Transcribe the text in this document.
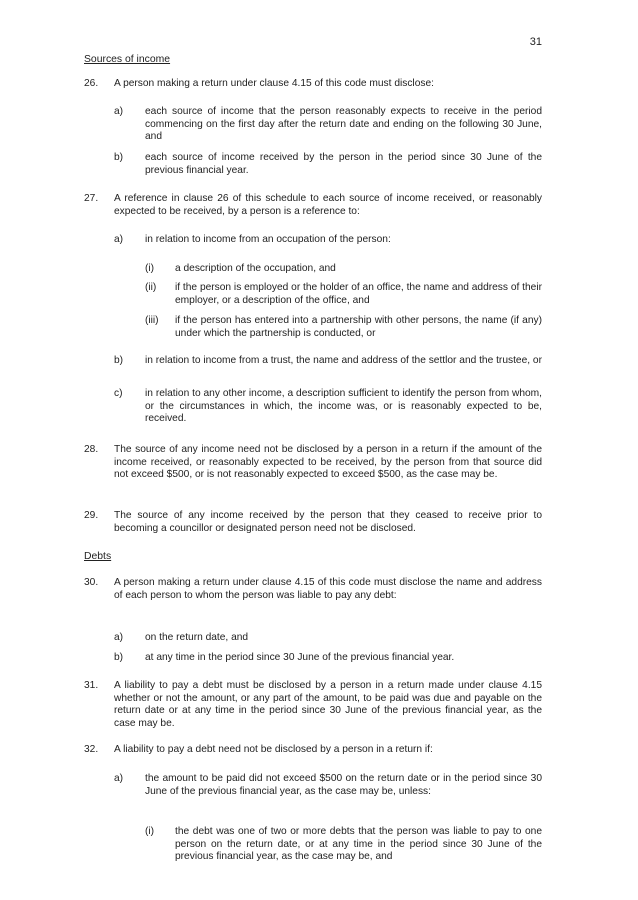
31
Sources of income
26. A person making a return under clause 4.15 of this code must disclose:
a) each source of income that the person reasonably expects to receive in the period commencing on the first day after the return date and ending on the following 30 June, and
b) each source of income received by the person in the period since 30 June of the previous financial year.
27. A reference in clause 26 of this schedule to each source of income received, or reasonably expected to be received, by a person is a reference to:
a) in relation to income from an occupation of the person:
(i) a description of the occupation, and
(ii) if the person is employed or the holder of an office, the name and address of their employer, or a description of the office, and
(iii) if the person has entered into a partnership with other persons, the name (if any) under which the partnership is conducted, or
b) in relation to income from a trust, the name and address of the settlor and the trustee, or
c) in relation to any other income, a description sufficient to identify the person from whom, or the circumstances in which, the income was, or is reasonably expected to be, received.
28. The source of any income need not be disclosed by a person in a return if the amount of the income received, or reasonably expected to be received, by the person from that source did not exceed $500, or is not reasonably expected to exceed $500, as the case may be.
29. The source of any income received by the person that they ceased to receive prior to becoming a councillor or designated person need not be disclosed.
Debts
30. A person making a return under clause 4.15 of this code must disclose the name and address of each person to whom the person was liable to pay any debt:
a) on the return date, and
b) at any time in the period since 30 June of the previous financial year.
31. A liability to pay a debt must be disclosed by a person in a return made under clause 4.15 whether or not the amount, or any part of the amount, to be paid was due and payable on the return date or at any time in the period since 30 June of the previous financial year, as the case may be.
32. A liability to pay a debt need not be disclosed by a person in a return if:
a) the amount to be paid did not exceed $500 on the return date or in the period since 30 June of the previous financial year, as the case may be, unless:
(i) the debt was one of two or more debts that the person was liable to pay to one person on the return date, or at any time in the period since 30 June of the previous financial year, as the case may be, and
